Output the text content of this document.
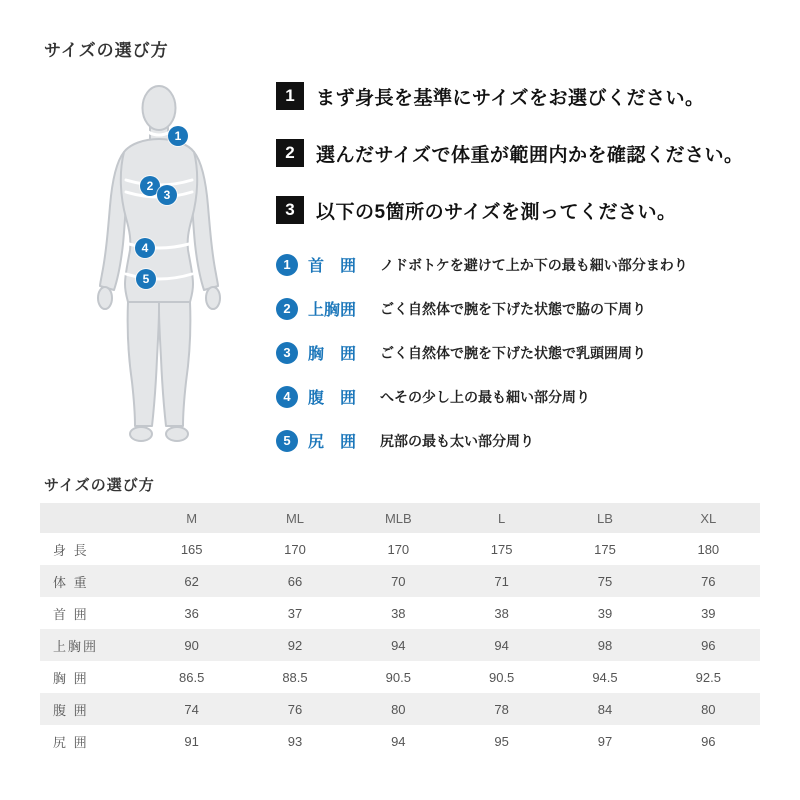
サイズの選び方
1
2
3
4
5
1	まず身長を基準にサイズをお選びください。
2	選んだサイズで体重が範囲内かを確認ください。
3	以下の5箇所のサイズを測ってください。
1	首　囲	ノドボトケを避けて上か下の最も細い部分まわり
2	上胸囲	ごく自然体で腕を下げた状態で脇の下周り
3	胸　囲	ごく自然体で腕を下げた状態で乳頭囲周り
4	腹　囲	へその少し上の最も細い部分周り
5	尻　囲	尻部の最も太い部分周り
サイズの選び方
	M	ML	MLB	L	LB	XL
身 長	165	170	170	175	175	180
体 重	62	66	70	71	75	76
首 囲	36	37	38	38	39	39
上胸囲	90	92	94	94	98	96
胸 囲	86.5	88.5	90.5	90.5	94.5	92.5
腹 囲	74	76	80	78	84	80
尻 囲	91	93	94	95	97	96
